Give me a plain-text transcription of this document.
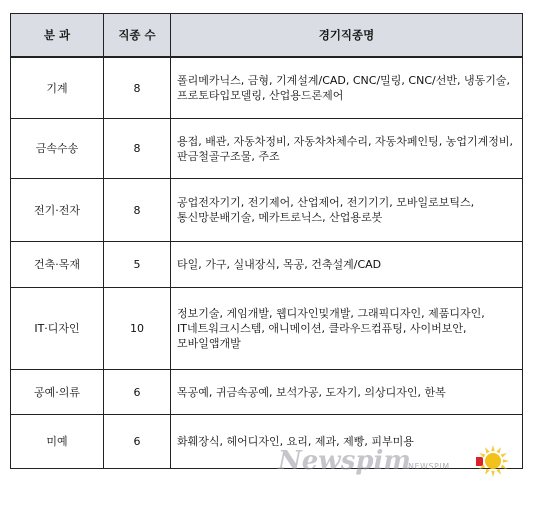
분 과	직종 수	경기직종명
기계	8	폴리메카닉스, 금형, 기계설계/CAD, CNC/밀링, CNC/선반, 냉동기술, 프로토타입모델링, 산업용드론제어
금속수송	8	용접, 배관, 자동차정비, 자동차차체수리, 자동차페인팅, 농업기계정비, 판금철골구조물, 주조
전기·전자	8	공업전자기기, 전기제어, 산업제어, 전기기기, 모바일로보틱스, 통신망분배기술, 메카트로닉스, 산업용로봇
건축·목재	5	타일, 가구, 실내장식, 목공, 건축설계/CAD
IT·디자인	10	정보기술, 게임개발, 웹디자인및개발, 그래픽디자인, 제품디자인, IT네트워크시스템, 애니메이션, 클라우드컴퓨팅, 사이버보안, 모바일앱개발
공예·의류	6	목공예, 귀금속공예, 보석가공, 도자기, 의상디자인, 한복
미예	6	화훼장식, 헤어디자인, 요리, 제과, 제빵, 피부미용
Newspim
NEWSPIM
